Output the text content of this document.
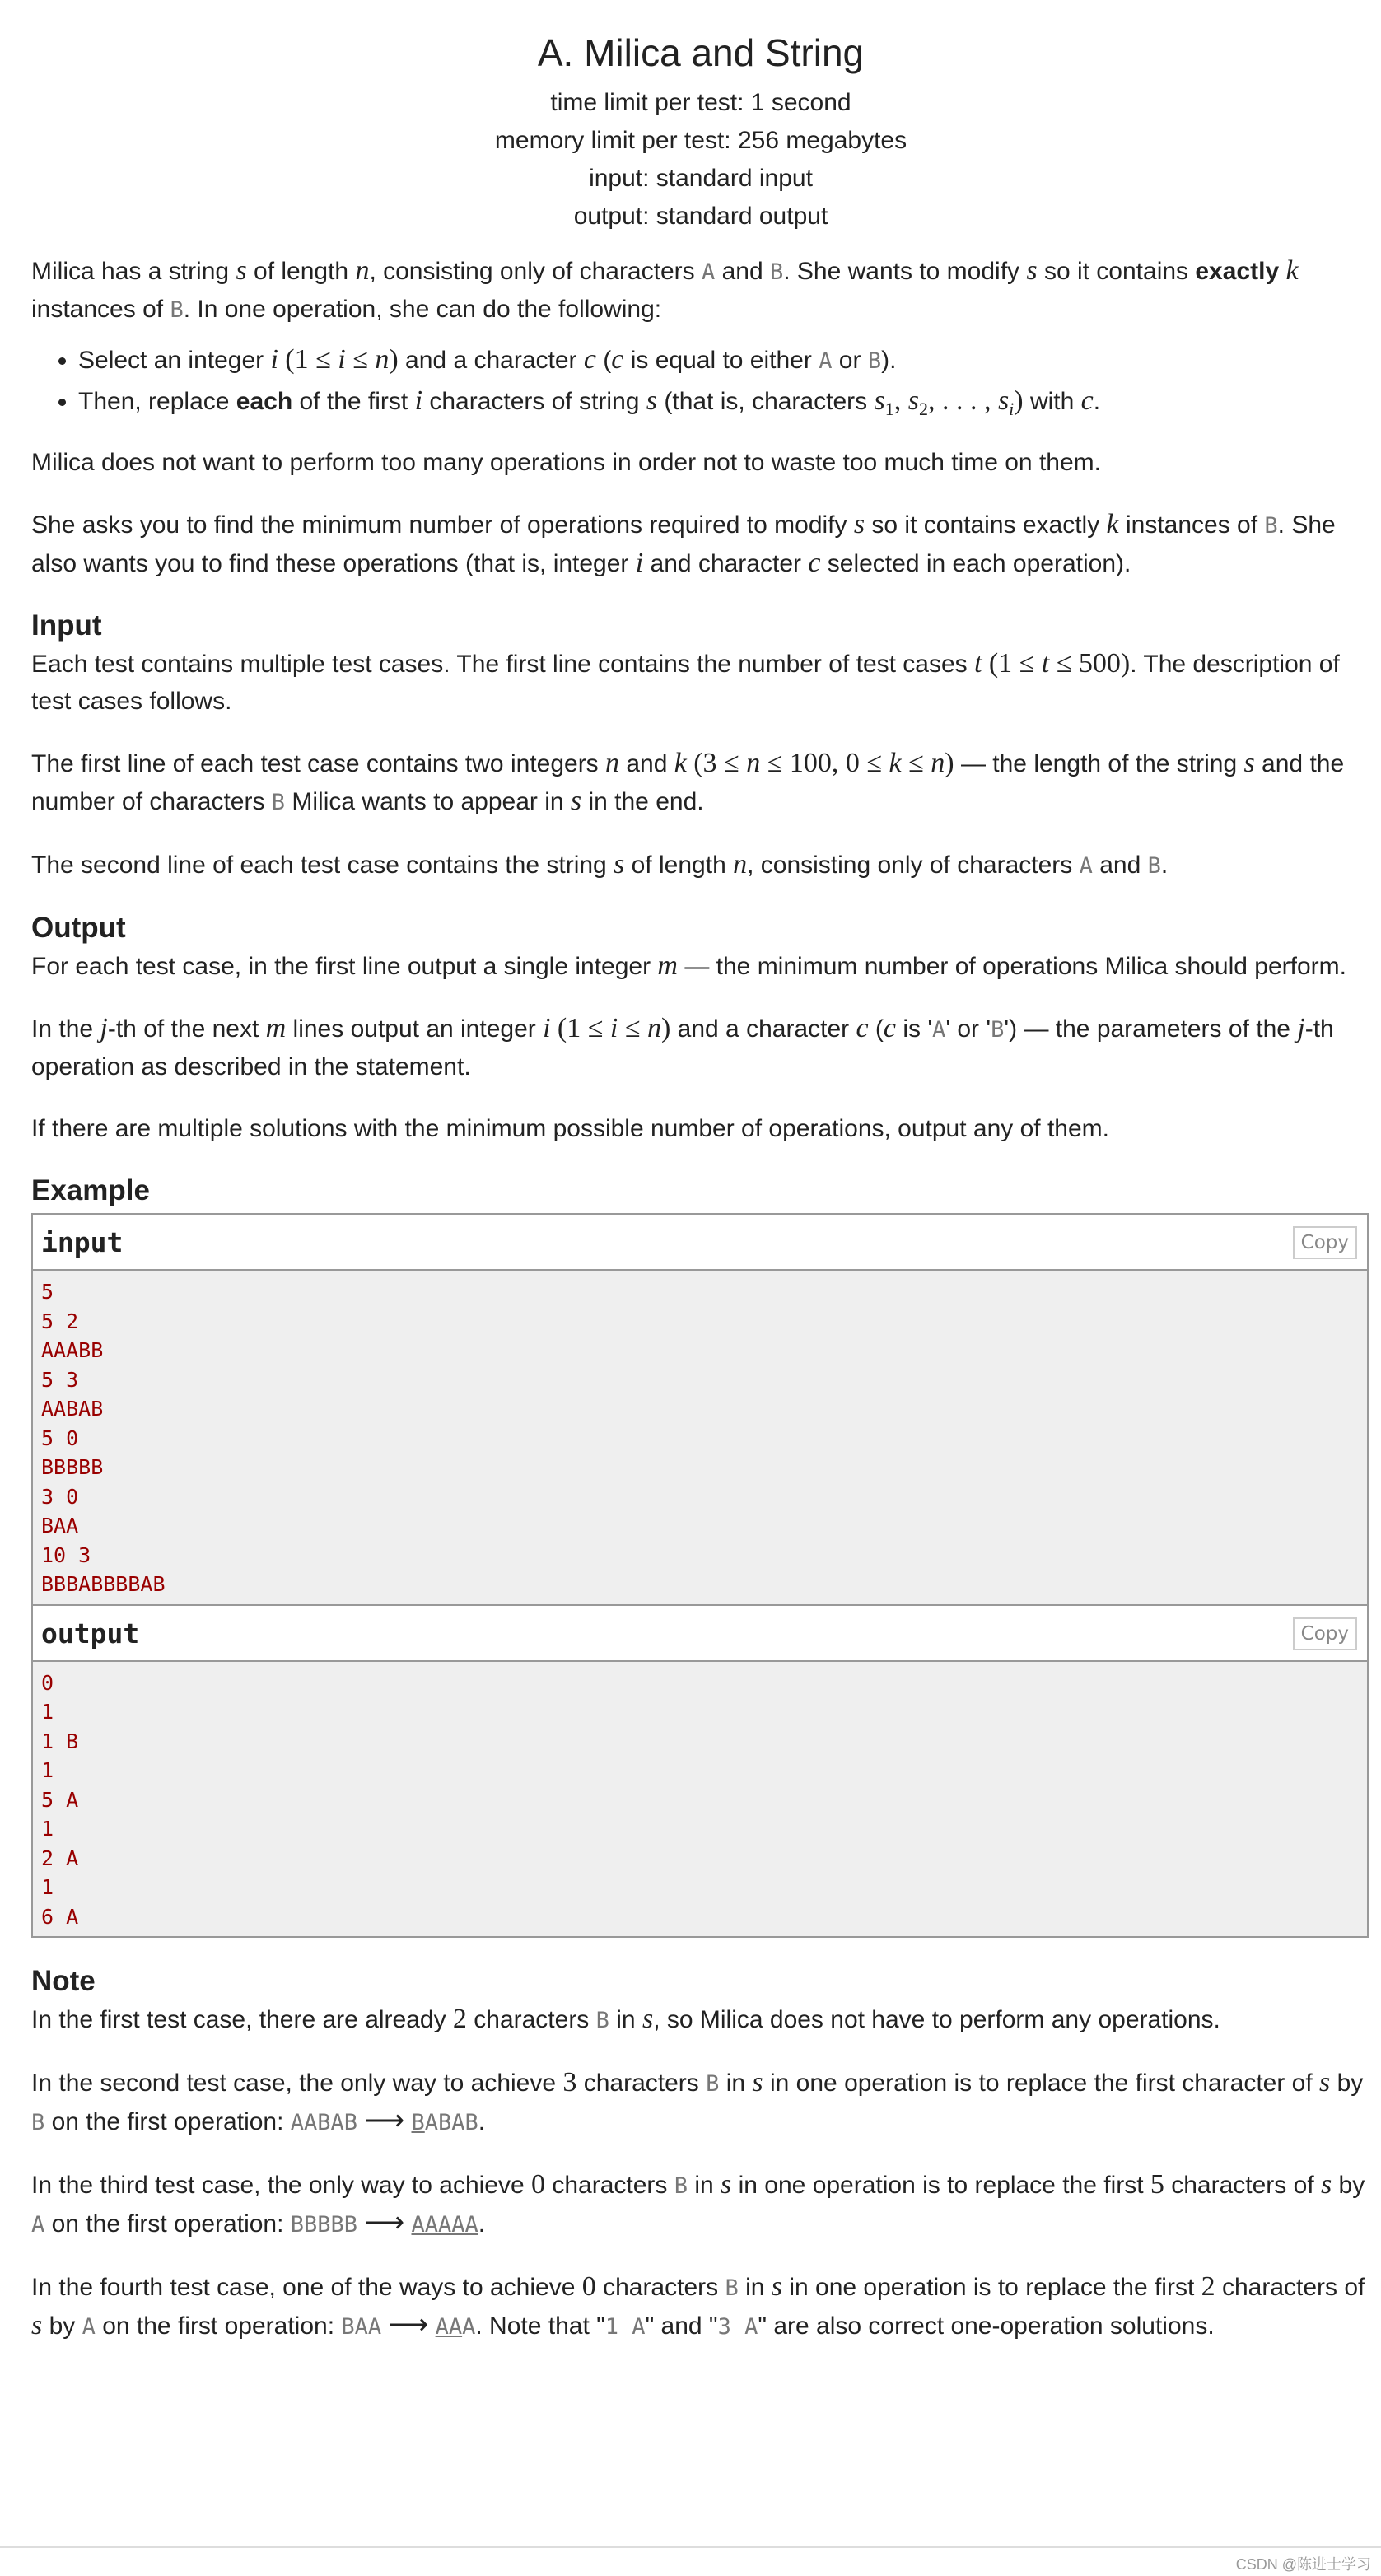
A. Milica and String
time limit per test: 1 second
memory limit per test: 256 megabytes
input: standard input
output: standard output

Milica has a string s of length n, consisting only of characters A and B. She wants to modify s so it contains exactly k instances of B. In one operation, she can do the following:

• Select an integer i (1 ≤ i ≤ n) and a character c (c is equal to either A or B).
• Then, replace each of the first i characters of string s (that is, characters $s_1$, $s_2$, . . . , $s_i$) with c.

Milica does not want to perform too many operations in order not to waste too much time on them.

She asks you to find the minimum number of operations required to modify s so it contains exactly k instances of B. She also wants you to find these operations (that is, integer i and character c selected in each operation).

Input

Each test contains multiple test cases. The first line contains the number of test cases t (1 ≤ t ≤ 500). The description of test cases follows.

The first line of each test case contains two integers n and k (3 ≤ n ≤ 100, 0 ≤ k ≤ n) — the length of the string s and the number of characters B Milica wants to appear in s in the end.

The second line of each test case contains the string s of length n, consisting only of characters A and B.

Output

For each test case, in the first line output a single integer m — the minimum number of operations Milica should perform.

In the j-th of the next m lines output an integer i (1 ≤ i ≤ n) and a character c (c is 'A' or 'B') — the parameters of the j-th operation as described in the statement.

If there are multiple solutions with the minimum possible number of operations, output any of them.

Example
input	Copy
5
5 2
AAABB
5 3
AABAB
5 0
BBBBB
3 0
BAA
10 3
BBBABBBBAB
output	Copy
0
1
1 B
1
5 A
1
2 A
1
6 A
Note

In the first test case, there are already 2 characters B in s, so Milica does not have to perform any operations.

In the second test case, the only way to achieve 3 characters B in s in one operation is to replace the first character of s by B on the first operation: AABAB ⟶ BABAB.

In the third test case, the only way to achieve 0 characters B in s in one operation is to replace the first 5 characters of s by A on the first operation: BBBBB ⟶ AAAAA.

In the fourth test case, one of the ways to achieve 0 characters B in s in one operation is to replace the first 2 characters of s by A on the first operation: BAA ⟶ AAA. Note that "1 A" and "3 A" are also correct one-operation solutions.

CSDN @陈进士学习
